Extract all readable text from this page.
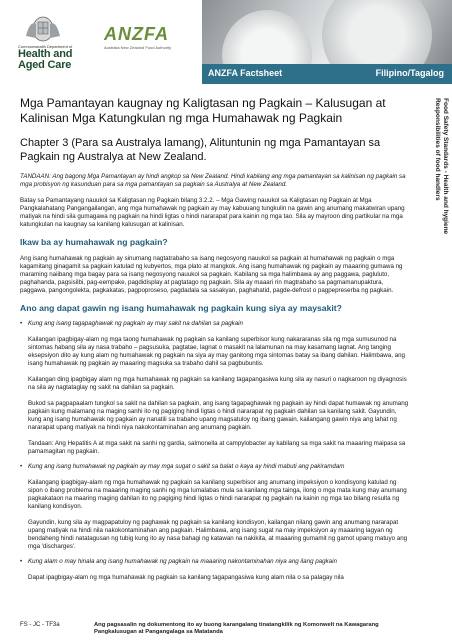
Commonwealth Department of
Health and
Aged Care
ANZFA
Australia New Zealand Food Authority
ANZFA Factsheet	Filipino/Tagalog
Food Safety Standards - Health and hygiene
Responsibilities of food handlers
Mga Pamantayan kaugnay ng Kaligtasan ng Pagkain – Kalusugan at Kalinisan Mga Katungkulan ng mga Humahawak ng Pagkain
Chapter 3 (Para sa Australya lamang), Alituntunin ng mga Pamantayan sa Pagkain ng Australya at New Zealand.
TANDAAN: Ang bagong Mga Pamantayan ay hindi angkop sa New Zealand. Hindi kabilang ang mga pamantayan sa kalinisan ng pagkain sa mga probisyon ng kasunduan para sa mga pamantayan sa pagkain sa Australya at New Zealand.

Batay sa Pamantayang nauukol sa Kaligtasan ng Pagkain bilang 3.2.2. – Mga Gawing nauukol sa Kaligtasan ng Pagkain at Mga Pangkalahatang Pangangailangan, ang mga humahawak ng pagkain ay may kabuuang tungkulin na gawin ang anumang makatwiran upang matiyak na hindi sila gumagawa ng pagkain na hindi ligtas o hindi nararapat para kainin ng mga tao. Sila ay mayroon ding partikular na mga katungkulan na kaugnay sa kanilang kalusugan at kalinisan.

Ikaw ba ay humahawak ng pagkain?

Ang isang humahawak ng pagkain ay sinumang nagtatrabaho sa isang negosyong nauukol sa pagkain at humahawak ng pagkain o mga kagamitang ginagamit sa pagkain katulad ng kubyertos, mga plato at mangkok. Ang isang humahawak ng pagkain ay maaaring gumawa ng maraming naiibang mga bagay para sa isang negosyong nauukol sa pagkain. Kabilang sa mga halimbawa ay ang paggawa, pagluluto, paghahanda, pagsisilbi, pag-eempake, pagdidisplay at pagtatago ng pagkain. Sila ay maaari rin magtrabaho sa pagmamanupaktura, paggawa, pangongolekta, pagkakatas, pagpoproseso, pagdadala sa sasakyan, paghahatid, pagde-defrost o pagpepreserba ng pagkain.

Ano ang dapat gawin ng isang humahawak ng pagkain kung siya ay maysakit?
• Kung ang isang tagapaghawak ng pagkain ay may sakit na dahilan sa pagkain

Kailangan ipagbigay-alam ng mga taong humahawak ng pagkain sa kanilang superbisor kung nakararanas sila ng mga sumusunod na sintomas habang sila ay nasa trabaho – pagsusuka, pagtatae, lagnat o masakit na lalamunan na may kasamang lagnat. Ang tanging eksepsiyon dito ay kung alam ng humahawak ng pagkain na siya ay may ganitong mga sintomas batay sa ibang dahilan. Halimbawa, ang isang humahawak ng pagkain ay maaaring magsuka sa trabaho dahil sa pagbubuntis.

Kailangan ding ipagbigay alam ng mga humahawak ng pagkain sa kanilang tagapangasiwa kung sila ay nasuri o nagkaroon ng diyagnosis na sila ay nagtataglay ng sakit na dahilan sa pagkain.

Bukod sa pagpapaalam tungkol sa sakit na dahilan sa pagkain, ang isang tagapaghawak ng pagkain ay hindi dapat humawak ng anumang pagkain kung malamang na maging sanhi ito ng pagiging hindi ligtas o hindi nararapat ng pagkain dahilan sa kanilang sakit. Gayundin, kung ang isang humahawak ng pagkain ay nanatili sa trabaho upang magsatuloy ng ibang gawain, kailangang gawin niya ang lahat ng nararapat upang matiyak na hindi niya nakokontaminahan ang anumang pagkain.

Tandaan: Ang Hepatitis A at mga sakit na sanhi ng gardia, salmonella at campylobacter ay kabilang sa mga sakit na maaaring maipasa sa pamamagitan ng pagkain.

• Kung ang isang humahawak ng pagkain ay may mga sugat o sakit sa balat o kaya ay hindi mabuti ang pakiramdam

Kailangang ipagbigay-alam ng mga humahawak ng pagkain sa kanilang superbisor ang anumang impeksiyon o kondisyong katulad ng sipon o ibang problema na maaaring maging sanhi ng mga lumalabas mula sa kanilang mga tainga, ilong o mga mata kung may anumang pagkakataon na maaring maging dahilan ito ng pagiging hindi ligtas o hindi nararapat ng pagkain na kainin ng mga tao bilang resulta ng kanilang kondisyon.

Gayundin, kung sila ay magpapatuloy ng paghawak ng pagkain sa kanilang kondisyon, kailangan nilang gawin ang anumang nararapat upang matiyak na hindi nila nakokontaminahan ang pagkain. Halimbawa, ang isang sugat na may impeksiyon ay maaaring lagyan ng bendaheng hindi natatagusan ng tubig kung ito ay nasa bahagi ng katawan na nakikita, at maaaring gumamit ng gamot upang matuyo ang mga 'discharges'.

• Kung alam o may hinala ang isang humahawak ng pagkain na maaaring nakontaminahan niya ang ilang pagkain

Dapat ipagbigay-alam ng mga humahawak ng pagkain sa kanilang tagapangasiwa kung alam nila o sa palagay nila

FS - JC - TF3a	Ang pagsasalin ng dokumentong ito ay buong karangalang tinatangkilik ng Komonwelt na Kawagarang Pangkalusugan at Pangangalaga sa Matatanda
